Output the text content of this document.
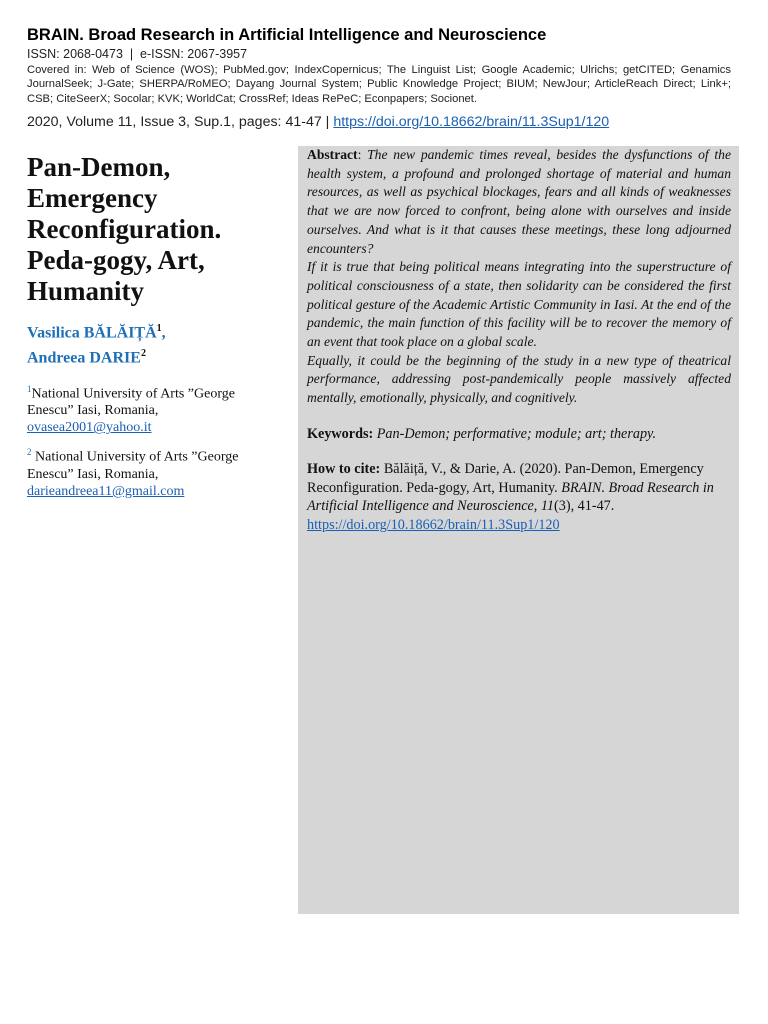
BRAIN. Broad Research in Artificial Intelligence and Neuroscience
ISSN: 2068-0473  |  e-ISSN: 2067-3957
Covered in: Web of Science (WOS); PubMed.gov; IndexCopernicus; The Linguist List; Google Academic; Ulrichs; getCITED; Genamics JournalSeek; J-Gate; SHERPA/RoMEO; Dayang Journal System; Public Knowledge Project; BIUM; NewJour; ArticleReach Direct; Link+; CSB; CiteSeerX; Socolar; KVK; WorldCat; CrossRef; Ideas RePeC; Econpapers; Socionet.
2020, Volume 11, Issue 3, Sup.1, pages: 41-47 | https://doi.org/10.18662/brain/11.3Sup1/120
Pan-Demon,
Emergency
Reconfiguration.
Peda-gogy, Art,
Humanity
Vasilica BĂLĂIȚĂ$^1$,
Andreea DARIE$^2$
$^1$National University of Arts ”George Enescu” Iasi, Romania,
ovasea2001@yahoo.it
$^2$ National University of Arts ”George Enescu” Iasi, Romania,
darieandreea11@gmail.com
Abstract: The new pandemic times reveal, besides the dysfunctions of the health system, a profound and prolonged shortage of material and human resources, as well as psychical blockages, fears and all kinds of weaknesses that we are now forced to confront, being alone with ourselves and inside ourselves. And what is it that causes these meetings, these long adjourned encounters?
If it is true that being political means integrating into the superstructure of political consciousness of a state, then solidarity can be considered the first political gesture of the Academic Artistic Community in Iasi. At the end of the pandemic, the main function of this facility will be to recover the memory of an event that took place on a global scale.
Equally, it could be the beginning of the study in a new type of theatrical performance, addressing post-pandemically people massively affected mentally, emotionally, physically, and cognitively.
Keywords: Pan-Demon; performative; module; art; therapy.
How to cite: Bălăiță, V., & Darie, A. (2020). Pan-Demon, Emergency Reconfiguration. Peda-gogy, Art, Humanity. BRAIN. Broad Research in Artificial Intelligence and Neuroscience, 11(3), 41-47. https://doi.org/10.18662/brain/11.3Sup1/120
